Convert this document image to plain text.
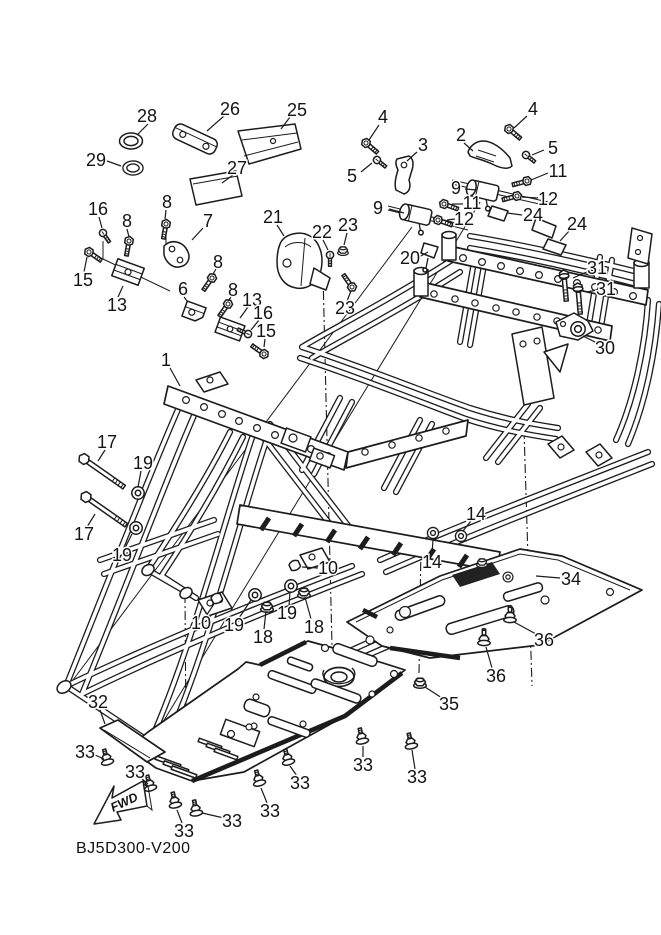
28
29
26	25
27
4
5
3 2
4
5
11
12
9
11
12	24 24
9
20
22 23
23
31
31
30
16
8
8
7
15
13
6
8
8 13
16
15
21
1
17
19
17
19
10 19
18
19
18
10
14
14
34
36
36
35
32
33
33
33 33 33
33
33
33
FWD
BJ5D300-V200
